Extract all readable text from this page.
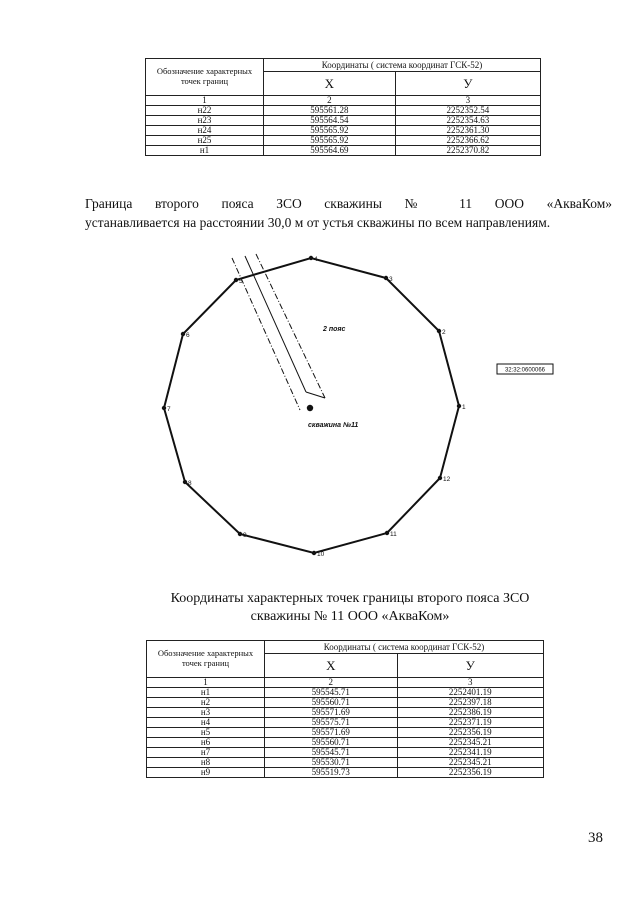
Обозначение характерных точек границ	Координаты ( система координат ГСК-52)	
	X	У
1	2	3
н22	595561.28	2252352.54
н23	595564.54	2252354.63
н24	595565.92	2252361.30
н25	595565.92	2252366.62
н1	595564.69	2252370.82
Граница второго пояса ЗСО скважины № 11 ООО «АкваКом»
устанавливается на расстоянии 30,0 м от устья скважины по всем направлениям.
скважина №11
2 пояс
32:32:0600066
1
2
3
4
5
6
7
8
9
10
11
12
Координаты характерных точек границы второго пояса ЗСО
скважины № 11 ООО «АкваКом»
Обозначение характерных точек границ	Координаты ( система координат ГСК-52)	
	X	У
1	2	3
н1	595545.71	2252401.19
н2	595560.71	2252397.18
н3	595571.69	2252386.19
н4	595575.71	2252371.19
н5	595571.69	2252356.19
н6	595560.71	2252345.21
н7	595545.71	2252341.19
н8	595530.71	2252345.21
н9	595519.73	2252356.19
38
